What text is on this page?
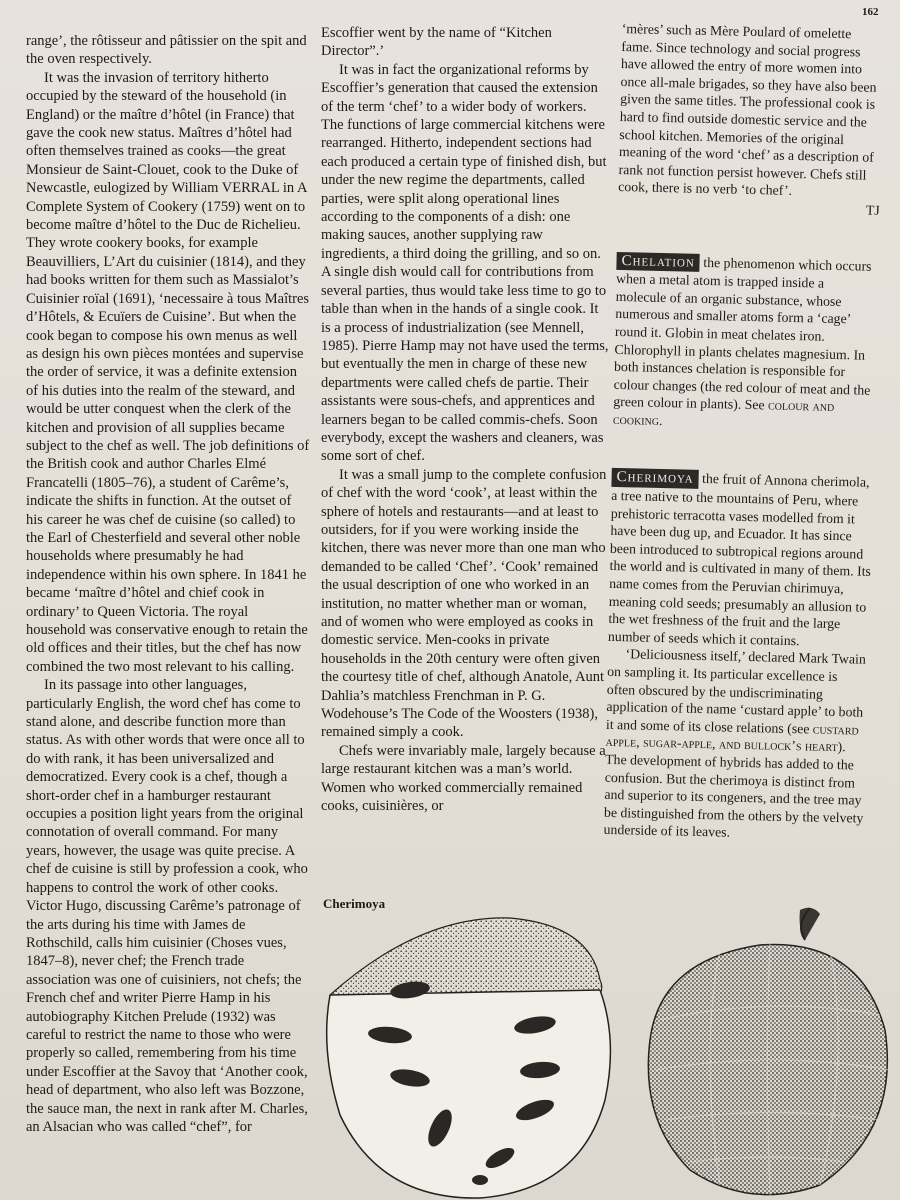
162

range’, the rôtisseur and pâtissier on the spit and the oven respectively.

It was the invasion of territory hitherto occupied by the steward of the household (in England) or the maître d’hôtel (in France) that gave the cook new status. Maîtres d’hôtel had often themselves trained as cooks—the great Monsieur de Saint-Clouet, cook to the Duke of Newcastle, eulogized by William VERRAL in A Complete System of Cookery (1759) went on to become maître d’hôtel to the Duc de Richelieu. They wrote cookery books, for example Beauvilliers, L’Art du cuisinier (1814), and they had books written for them such as Massialot’s Cuisinier roïal (1691), ‘necessaire à tous Maîtres d’Hôtels, & Ecuïers de Cuisine’. But when the cook began to compose his own menus as well as design his own pièces montées and supervise the order of service, it was a definite extension of his duties into the realm of the steward, and would be utter conquest when the clerk of the kitchen and provision of all supplies became subject to the chef as well. The job definitions of the British cook and author Charles Elmé Francatelli (1805–76), a student of Carême’s, indicate the shifts in function. At the outset of his career he was chef de cuisine (so called) to the Earl of Chesterfield and several other noble households where presumably he had independence within his own sphere. In 1841 he became ‘maître d’hôtel and chief cook in ordinary’ to Queen Victoria. The royal household was conservative enough to retain the old offices and their titles, but the chef has now combined the two most relevant to his calling.

In its passage into other languages, particularly English, the word chef has come to stand alone, and describe function more than status. As with other words that were once all to do with rank, it has been universalized and democratized. Every cook is a chef, though a short-order chef in a hamburger restaurant occupies a position light years from the original connotation of overall command. For many years, however, the usage was quite precise. A chef de cuisine is still by profession a cook, who happens to control the work of other cooks. Victor Hugo, discussing Carême’s patronage of the arts during his time with James de Rothschild, calls him cuisinier (Choses vues, 1847–8), never chef; the French trade association was one of cuisiniers, not chefs; the French chef and writer Pierre Hamp in his autobiography Kitchen Prelude (1932) was careful to restrict the name to those who were properly so called, remembering from his time under Escoffier at the Savoy that ‘Another cook, head of department, who also left was Bozzone, the sauce man, the next in rank after M. Charles, an Alsacian who was called “chef”, for

Escoffier went by the name of “Kitchen Director”.’

It was in fact the organizational reforms by Escoffier’s generation that caused the extension of the term ‘chef’ to a wider body of workers. The functions of large commercial kitchens were rearranged. Hitherto, independent sections had each produced a certain type of finished dish, but under the new regime the departments, called parties, were split along operational lines according to the components of a dish: one making sauces, another supplying raw ingredients, a third doing the grilling, and so on. A single dish would call for contributions from several parties, thus would take less time to go to table than when in the hands of a single cook. It is a process of industrialization (see Mennell, 1985). Pierre Hamp may not have used the terms, but eventually the men in charge of these new departments were called chefs de partie. Their assistants were sous-chefs, and apprentices and learners began to be called commis-chefs. Soon everybody, except the washers and cleaners, was some sort of chef.

It was a small jump to the complete confusion of chef with the word ‘cook’, at least within the sphere of hotels and restaurants—and at least to outsiders, for if you were working inside the kitchen, there was never more than one man who demanded to be called ‘Chef’. ‘Cook’ remained the usual description of one who worked in an institution, no matter whether man or woman, and of women who were employed as cooks in domestic service. Men-cooks in private households in the 20th century were often given the courtesy title of chef, although Anatole, Aunt Dahlia’s matchless Frenchman in P. G. Wodehouse’s The Code of the Woosters (1938), remained simply a cook.

Chefs were invariably male, largely because a large restaurant kitchen was a man’s world. Women who worked commercially remained cooks, cuisinières, or

‘mères’ such as Mère Poulard of omelette fame. Since technology and social progress have allowed the entry of more women into once all-male brigades, so they have also been given the same titles. The professional cook is hard to find outside domestic service and the school kitchen. Memories of the original meaning of the word ‘chef’ as a description of rank not function persist however. Chefs still cook, there is no verb ‘to chef’.

TJ

Chelation the phenomenon which occurs when a metal atom is trapped inside a molecule of an organic substance, whose numerous and smaller atoms form a ‘cage’ round it. Globin in meat chelates iron. Chlorophyll in plants chelates magnesium. In both instances chelation is responsible for colour changes (the red colour of meat and the green colour in plants). See colour and cooking.

Cherimoya the fruit of Annona cherimola, a tree native to the mountains of Peru, where prehistoric terracotta vases modelled from it have been dug up, and Ecuador. It has since been introduced to subtropical regions around the world and is cultivated in many of them. Its name comes from the Peruvian chirimuya, meaning cold seeds; presumably an allusion to the wet freshness of the fruit and the large number of seeds which it contains.

‘Deliciousness itself,’ declared Mark Twain on sampling it. Its particular excellence is often obscured by the undiscriminating application of the name ‘custard apple’ to both it and some of its close relations (see custard apple, sugar-apple, and bullock’s heart). The development of hybrids has added to the confusion. But the cherimoya is distinct from and superior to its congeners, and the tree may be distinguished from the others by the velvety underside of its leaves.

Cherimoya
